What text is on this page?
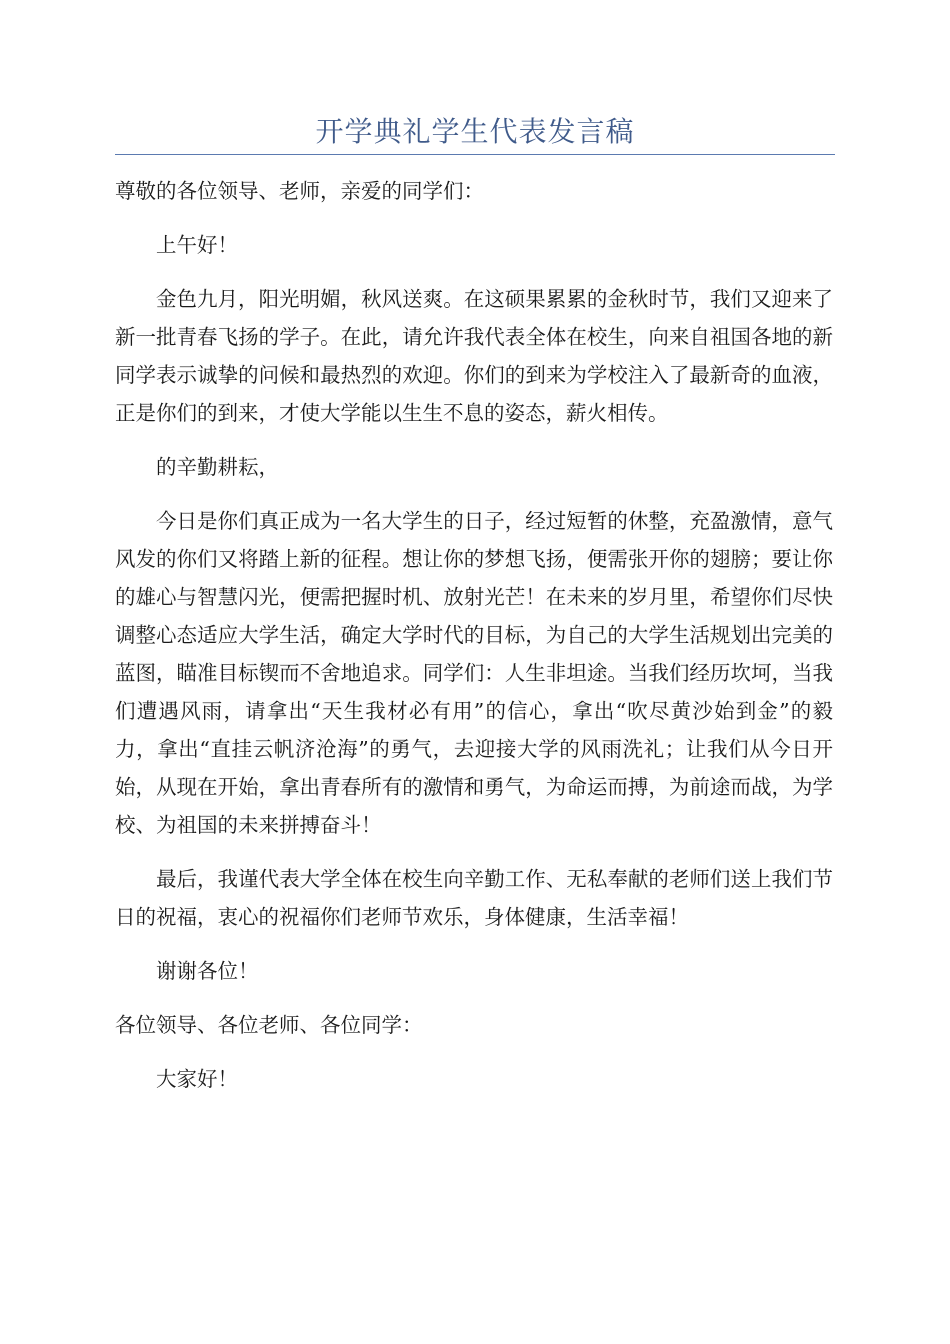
开学典礼学生代表发言稿

尊敬的各位领导、老师，亲爱的同学们：

上午好！

金色九月，阳光明媚，秋风送爽。在这硕果累累的金秋时节，我们又迎来了新一批青春飞扬的学子。在此，请允许我代表全体在校生，向来自祖国各地的新同学表示诚挚的问候和最热烈的欢迎。你们的到来为学校注入了最新奇的血液，正是你们的到来，才使大学能以生生不息的姿态，薪火相传。

的辛勤耕耘，

今日是你们真正成为一名大学生的日子，经过短暂的休整，充盈激情，意气风发的你们又将踏上新的征程。想让你的梦想飞扬，便需张开你的翅膀；要让你的雄心与智慧闪光，便需把握时机、放射光芒！在未来的岁月里，希望你们尽快调整心态适应大学生活，确定大学时代的目标，为自己的大学生活规划出完美的蓝图，瞄准目标锲而不舍地追求。同学们：人生非坦途。当我们经历坎坷，当我们遭遇风雨，请拿出“天生我材必有用”的信心，拿出“吹尽黄沙始到金”的毅力，拿出“直挂云帆济沧海”的勇气，去迎接大学的风雨洗礼；让我们从今日开始，从现在开始，拿出青春所有的激情和勇气，为命运而搏，为前途而战，为学校、为祖国的未来拼搏奋斗！

最后，我谨代表大学全体在校生向辛勤工作、无私奉献的老师们送上我们节日的祝福，衷心的祝福你们老师节欢乐，身体健康，生活幸福！

谢谢各位！

各位领导、各位老师、各位同学：

大家好！
